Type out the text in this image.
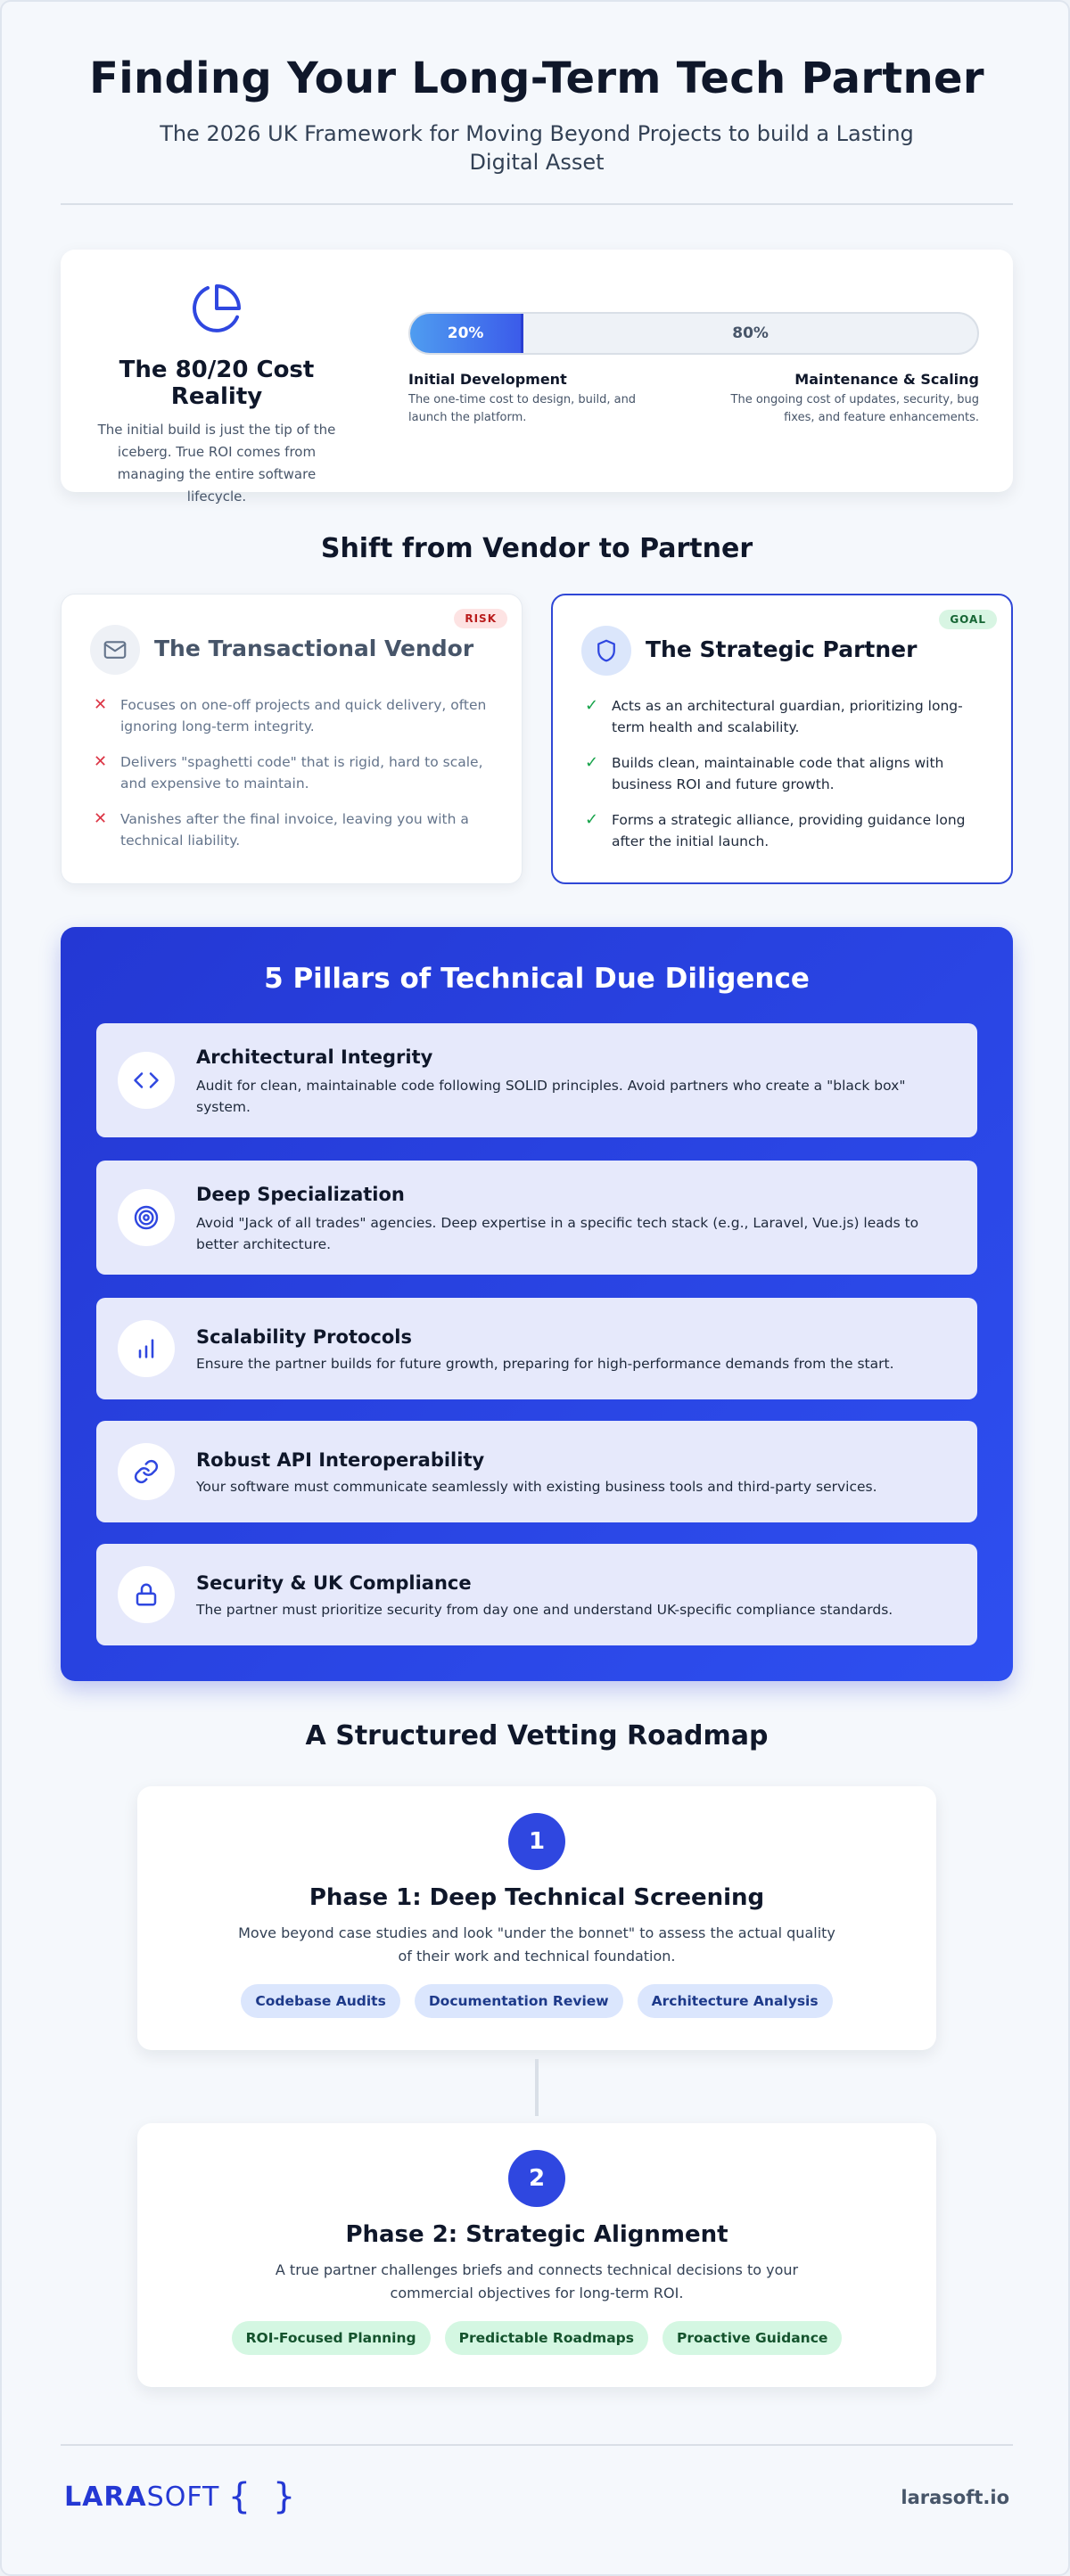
Finding Your Long-Term Tech Partner

The 2026 UK Framework for Moving Beyond Projects to build a Lasting Digital Asset

The 80/20 Cost Reality

The initial build is just the tip of the iceberg. True ROI comes from managing the entire software lifecycle.

20%	80%
Initial Development

The one-time cost to design, build, and launch the platform.

Maintenance & Scaling

The ongoing cost of updates, security, bug fixes, and feature enhancements.

Shift from Vendor to Partner
RISK
The Transactional Vendor
✕ Focuses on one-off projects and quick delivery, often ignoring long-term integrity.
✕ Delivers "spaghetti code" that is rigid, hard to scale, and expensive to maintain.
✕ Vanishes after the final invoice, leaving you with a technical liability.
GOAL
The Strategic Partner
✓ Acts as an architectural guardian, prioritizing long-term health and scalability.
✓ Builds clean, maintainable code that aligns with business ROI and future growth.
✓ Forms a strategic alliance, providing guidance long after the initial launch.
5 Pillars of Technical Due Diligence
Architectural Integrity

Audit for clean, maintainable code following SOLID principles. Avoid partners who create a "black box" system.

Deep Specialization

Avoid "Jack of all trades" agencies. Deep expertise in a specific tech stack (e.g., Laravel, Vue.js) leads to better architecture.

Scalability Protocols

Ensure the partner builds for future growth, preparing for high-performance demands from the start.

Robust API Interoperability

Your software must communicate seamlessly with existing business tools and third-party services.

Security & UK Compliance

The partner must prioritize security from day one and understand UK-specific compliance standards.

A Structured Vetting Roadmap
1
Phase 1: Deep Technical Screening

Move beyond case studies and look "under the bonnet" to assess the actual quality of their work and technical foundation.

Codebase Audits	Documentation Review	Architecture Analysis
2
Phase 2: Strategic Alignment

A true partner challenges briefs and connects technical decisions to your commercial objectives for long-term ROI.

ROI-Focused Planning	Predictable Roadmaps	Proactive Guidance
LARA SOFT { }	larasoft.io
